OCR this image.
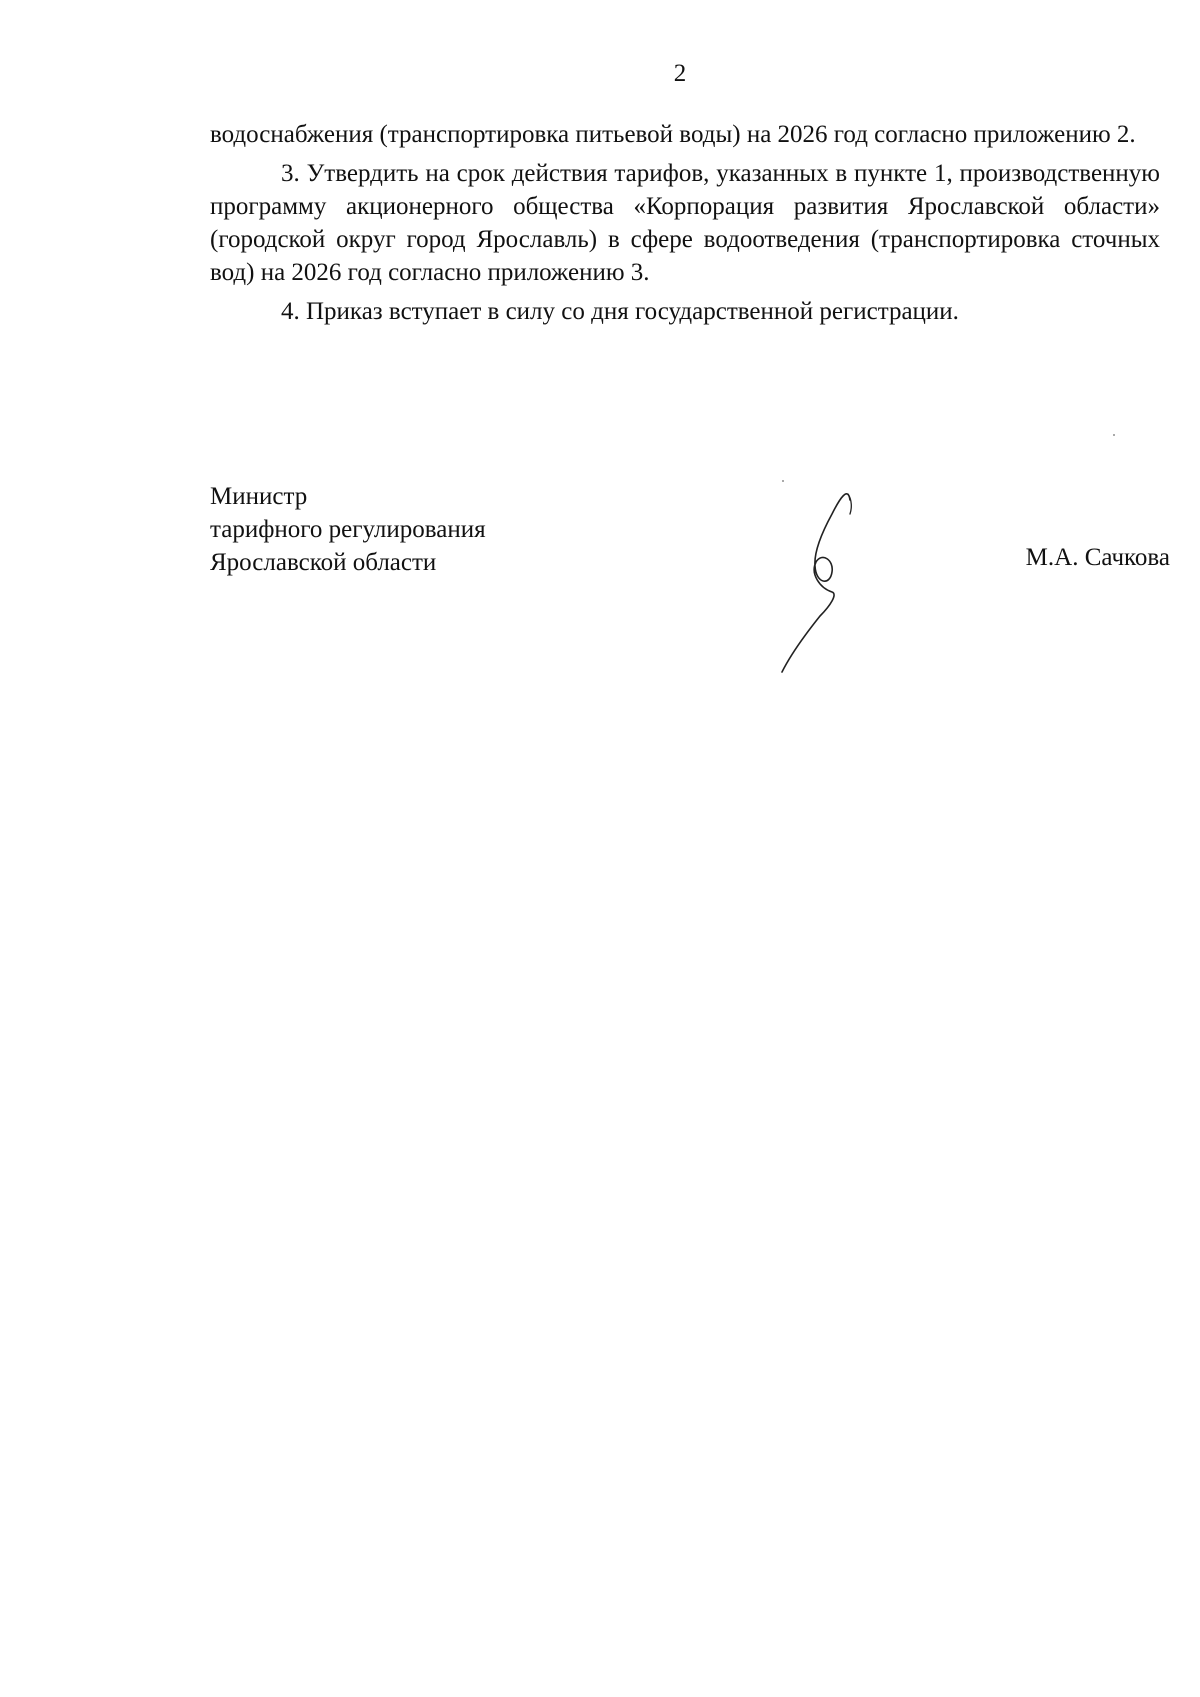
2

водоснабжения (транспортировка питьевой воды) на 2026 год согласно приложению 2.

3. Утвердить на срок действия тарифов, указанных в пункте 1, производственную программу акционерного общества «Корпорация развития Ярославской области» (городской округ город Ярославль) в сфере водоотведения (транспортировка сточных вод) на 2026 год согласно приложению 3.

4. Приказ вступает в силу со дня государственной регистрации.

Министр
тарифного регулирования
Ярославской области	М.А. Сачкова
